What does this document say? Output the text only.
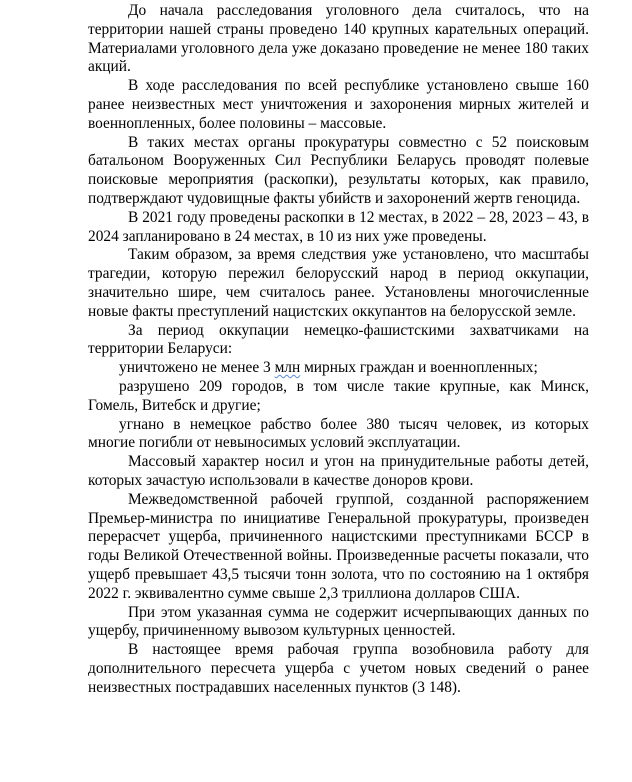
До начала расследования уголовного дела считалось, что на территории нашей страны проведено 140 крупных карательных операций. Материалами уголовного дела уже доказано проведение не менее 180 таких акций.

В ходе расследования по всей республике установлено свыше 160 ранее неизвестных мест уничтожения и захоронения мирных жителей и военнопленных, более половины – массовые.

В таких местах органы прокуратуры совместно с 52 поисковым батальоном Вооруженных Сил Республики Беларусь проводят полевые поисковые мероприятия (раскопки), результаты которых, как правило, подтверждают чудовищные факты убийств и захоронений жертв геноцида.

В 2021 году проведены раскопки в 12 местах, в 2022 – 28, 2023 – 43, в 2024 запланировано в 24 местах, в 10 из них уже проведены.

Таким образом, за время следствия уже установлено, что масштабы трагедии, которую пережил белорусский народ в период оккупации, значительно шире, чем считалось ранее. Установлены многочисленные новые факты преступлений нацистских оккупантов на белорусской земле.

За период оккупации немецко-фашистскими захватчиками на территории Беларуси:

уничтожено не менее 3 млн мирных граждан и военнопленных;

разрушено 209 городов, в том числе такие крупные, как Минск, Гомель, Витебск и другие;

угнано в немецкое рабство более 380 тысяч человек, из которых многие погибли от невыносимых условий эксплуатации.

Массовый характер носил и угон на принудительные работы детей, которых зачастую использовали в качестве доноров крови.

Межведомственной рабочей группой, созданной распоряжением Премьер-министра по инициативе Генеральной прокуратуры, произведен перерасчет ущерба, причиненного нацистскими преступниками БССР в годы Великой Отечественной войны. Произведенные расчеты показали, что ущерб превышает 43,5 тысячи тонн золота, что по состоянию на 1 октября 2022 г. эквивалентно сумме свыше 2,3 триллиона долларов США.

При этом указанная сумма не содержит исчерпывающих данных по ущербу, причиненному вывозом культурных ценностей.

В настоящее время рабочая группа возобновила работу для дополнительного пересчета ущерба с учетом новых сведений о ранее неизвестных пострадавших населенных пунктов (3 148).
